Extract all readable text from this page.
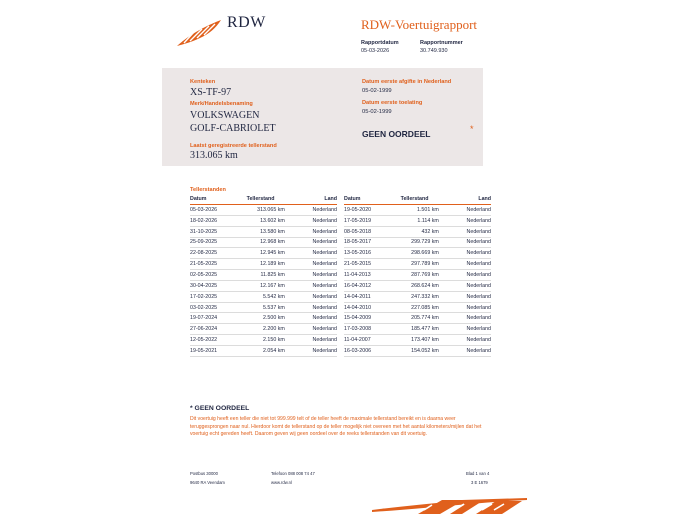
RDW	RDW-Voertuigrapport
Rapportdatum
05-03-2026
Rapportnummer
30.749.930
Kenteken
XS-TF-97
Merk/Handelsbenaming
VOLKSWAGEN
GOLF-CABRIOLET
Laatst geregistreerde tellerstand
313.065 km
Datum eerste afgifte in Nederland
05-02-1999
Datum eerste toelating
05-02-1999
GEEN OORDEEL	*
Tellerstanden
Datum	Tellerstand	Land
05-03-2026	313.065 km	Nederland
18-02-2026	13.602 km	Nederland
31-10-2025	13.580 km	Nederland
25-09-2025	12.968 km	Nederland
22-08-2025	12.945 km	Nederland
21-05-2025	12.189 km	Nederland
02-05-2025	11.825 km	Nederland
30-04-2025	12.167 km	Nederland
17-02-2025	5.542 km	Nederland
03-02-2025	5.537 km	Nederland
19-07-2024	2.500 km	Nederland
27-06-2024	2.200 km	Nederland
12-05-2022	2.150 km	Nederland
19-05-2021	2.054 km	Nederland
Datum	Tellerstand	Land
19-05-2020	1.501 km	Nederland
17-05-2019	1.114 km	Nederland
08-05-2018	432 km	Nederland
18-05-2017	299.729 km	Nederland
13-05-2016	298.669 km	Nederland
21-05-2015	297.789 km	Nederland
11-04-2013	287.769 km	Nederland
16-04-2012	268.624 km	Nederland
14-04-2011	247.332 km	Nederland
14-04-2010	227.085 km	Nederland
15-04-2009	205.774 km	Nederland
17-03-2008	185.477 km	Nederland
11-04-2007	173.407 km	Nederland
16-03-2006	154.052 km	Nederland
* GEEN OORDEEL
Dit voertuig heeft een teller die niet tot 999.999 telt of de teller heeft de maximale tellerstand bereikt en is daarna weer teruggesprongen naar nul. Hierdoor komt de tellerstand op de teller mogelijk niet overeen met het aantal kilometers/mijlen dat het voertuig echt gereden heeft. Daarom geven wij geen oordeel over de reeks tellerstanden van dit voertuig.
Postbus 30000
9640 RA Veendam
Telefoon 088 008 74 47
www.rdw.nl
Blad 1 van 4
3 E 1679
